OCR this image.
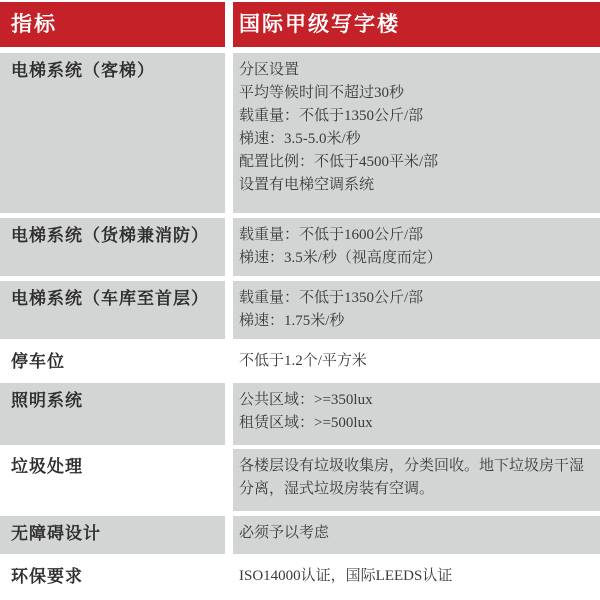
指标	国际甲级写字楼
电梯系统（客梯）	分区设置
平均等候时间不超过30秒
载重量：不低于1350公斤/部
梯速：3.5-5.0米/秒
配置比例：不低于4500平米/部
设置有电梯空调系统
电梯系统（货梯兼消防）	载重量：不低于1600公斤/部
梯速：3.5米/秒（视高度而定）
电梯系统（车库至首层）	载重量：不低于1350公斤/部
梯速：1.75米/秒
停车位	不低于1.2个/平方米
照明系统	公共区域：>=350lux
租赁区域：>=500lux
垃圾处理	各楼层设有垃圾收集房，分类回收。地下垃圾房干湿分离，湿式垃圾房装有空调。
无障碍设计	必须予以考虑
环保要求	ISO14000认证，国际LEEDS认证
